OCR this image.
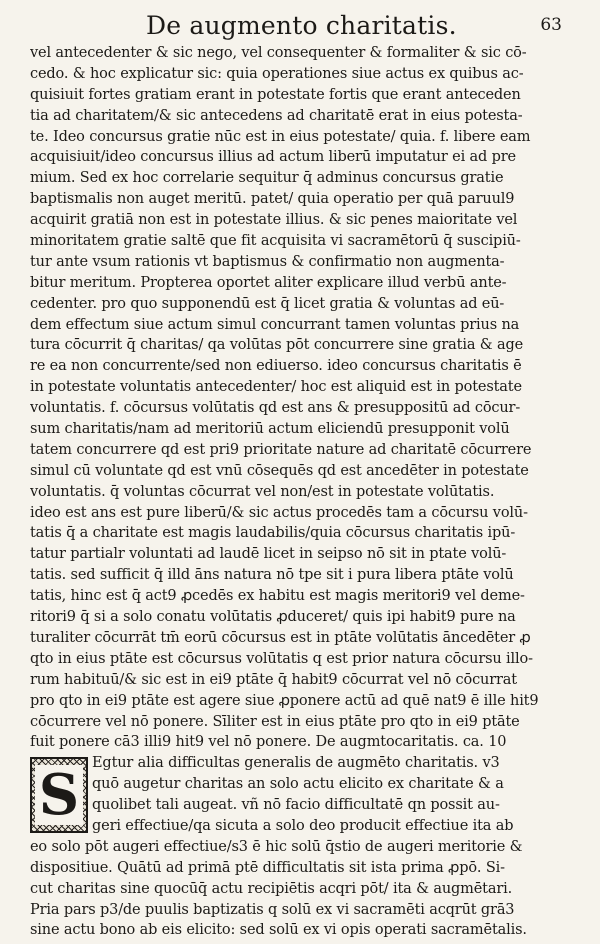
De augmento charitatis.	63
vel antecedenter & sic nego, vel consequenter & formaliter & sic cō-
cedo. & hoc explicatur sic: quia operationes siue actus ex quibus ac-
quisiuit fortes gratiam erant in potestate fortis que erant anteceden
tia ad charitatem/& sic antecedens ad charitatē erat in eius potesta-
te. Ideo concursus gratie nūc est in eius potestate/ quia. f. libere eam
acquisiuit/ideo concursus illius ad actum liberū imputatur ei ad pre
mium. Sed ex hoc correlarie sequitur q̄ adminus concursus gratie
baptismalis non auget meritū. patet/ quia operatio per quā paruul9
acquirit gratiā non est in potestate illius. & sic penes maioritate vel
minoritatem gratie saltē que fit acquisita vi sacramētorū q̄ suscipiū-
tur ante vsum rationis vt baptismus & confirmatio non augmenta-
bitur meritum. Propterea oportet aliter explicare illud verbū ante-
cedenter. pro quo supponendū est q̄ licet gratia & voluntas ad eū-
dem effectum siue actum simul concurrant tamen voluntas prius na
tura cōcurrit q̄ charitas/ qa volūtas pōt concurrere sine gratia & age
re ea non concurrente/sed non ediuerso. ideo concursus charitatis ē
in potestate voluntatis antecedenter/ hoc est aliquid est in potestate
voluntatis. f. cōcursus volūtatis qd est ans & presuppositū ad cōcur-
sum charitatis/nam ad meritoriū actum eliciendū presupponit volū
tatem concurrere qd est pri9 prioritate nature ad charitatē cōcurrere
simul cū voluntate qd est vnū cōsequēs qd est ancedēter in potestate
voluntatis. q̄ voluntas cōcurrat vel non/est in potestate volūtatis.
ideo est ans est pure liberū/& sic actus procedēs tam a cōcursu volū-
tatis q̄ a charitate est magis laudabilis/quia cōcursus charitatis ipū-
tatur partialr voluntati ad laudē licet in seipso nō sit in ptate volū-
tatis. sed sufficit q̄ illd āns natura nō tpe sit i pura libera ptāte volū
tatis, hinc est q̄ act9 ꝓcedēs ex habitu est magis meritori9 vel deme-
ritori9 q̄ si a solo conatu volūtatis ꝓduceret/ quis ipi habit9 pure na
turaliter cōcurrāt tm̄ eorū cōcursus est in ptāte volūtatis āncedēter ꝓ
qto in eius ptāte est cōcursus volūtatis q est prior natura cōcursu illo-
rum habituū/& sic est in ei9 ptāte q̄ habit9 cōcurrat vel nō cōcurrat
pro qto in ei9 ptāte est agere siue ꝓponere actū ad quē nat9 ē ille hit9
cōcurrere vel nō ponere. Sīliter est in eius ptāte pro qto in ei9 ptāte
fuit ponere cā3 illi9 hit9 vel nō ponere. De augmtocaritatis. ca. 10
S Egtur alia difficultas generalis de augmēto charitatis. v3
quō augetur charitas an solo actu elicito ex charitate & a
quolibet tali augeat. vñ nō facio difficultatē qn possit au-
geri effectiue/qa sicuta a solo deo producit effectiue ita ab
eo solo pōt augeri effectiue/s3 ē hic solū q̄stio de augeri meritorie &
dispositiue. Quātū ad primā ptē difficultatis sit ista prima ꝓpō. Si-
cut charitas sine quocūq̄ actu recipiētis acqri pōt/ ita & augmētari.
Pria pars p3/de puulis baptizatis q solū ex vi sacramēti acqrūt grā3
sine actu bono ab eis elicito: sed solū ex vi opis operati sacramētalis.
